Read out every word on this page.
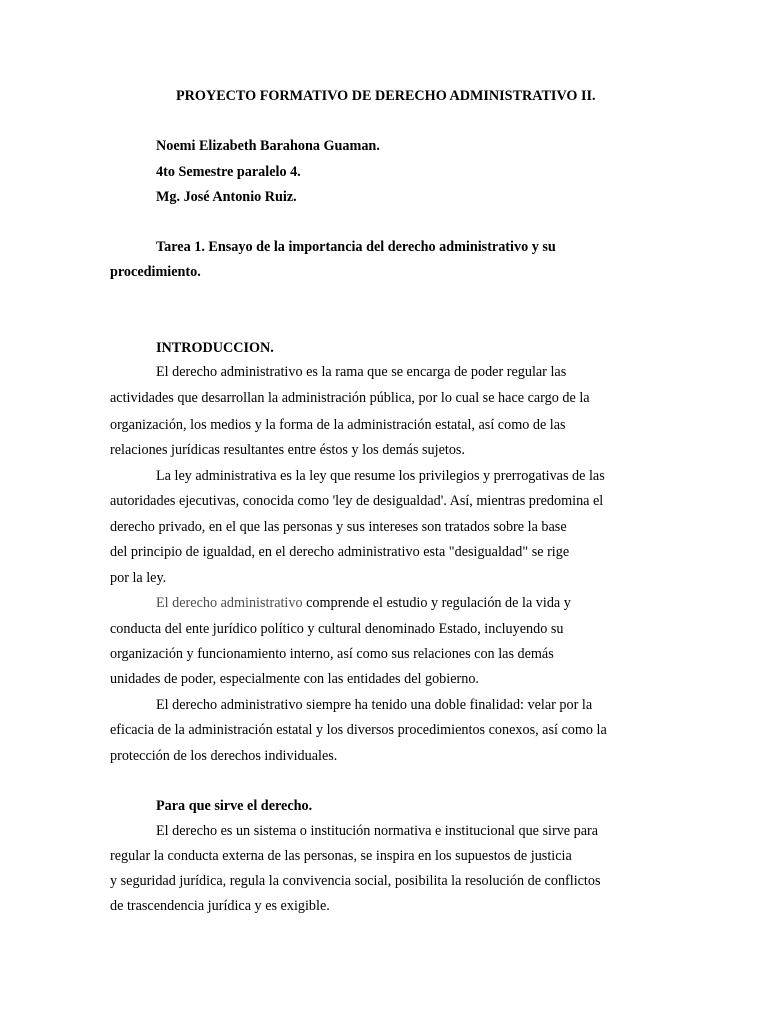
PROYECTO FORMATIVO DE DERECHO ADMINISTRATIVO II.
Noemi Elizabeth Barahona Guaman.
4to Semestre paralelo 4.
Mg. José Antonio Ruiz.
Tarea 1. Ensayo de la importancia del derecho administrativo y su
procedimiento.
INTRODUCCION.
El derecho administrativo es la rama que se encarga de poder regular las
actividades que desarrollan la administración pública, por lo cual se hace cargo de la
organización, los medios y la forma de la administración estatal, así como de las
relaciones jurídicas resultantes entre éstos y los demás sujetos.
La ley administrativa es la ley que resume los privilegios y prerrogativas de las
autoridades ejecutivas, conocida como 'ley de desigualdad'. Así, mientras predomina el
derecho privado, en el que las personas y sus intereses son tratados sobre la base
del principio de igualdad, en el derecho administrativo esta "desigualdad" se rige
por la ley.
El derecho administrativo comprende el estudio y regulación de la vida y
conducta del ente jurídico político y cultural denominado Estado, incluyendo su
organización y funcionamiento interno, así como sus relaciones con las demás
unidades de poder, especialmente con las entidades del gobierno.
El derecho administrativo siempre ha tenido una doble finalidad: velar por la
eficacia de la administración estatal y los diversos procedimientos conexos, así como la
protección de los derechos individuales.
Para que sirve el derecho.
El derecho es un sistema o institución normativa e institucional que sirve para
regular la conducta externa de las personas, se inspira en los supuestos de justicia
y seguridad jurídica, regula la convivencia social, posibilita la resolución de conflictos
de trascendencia jurídica y es exigible.
